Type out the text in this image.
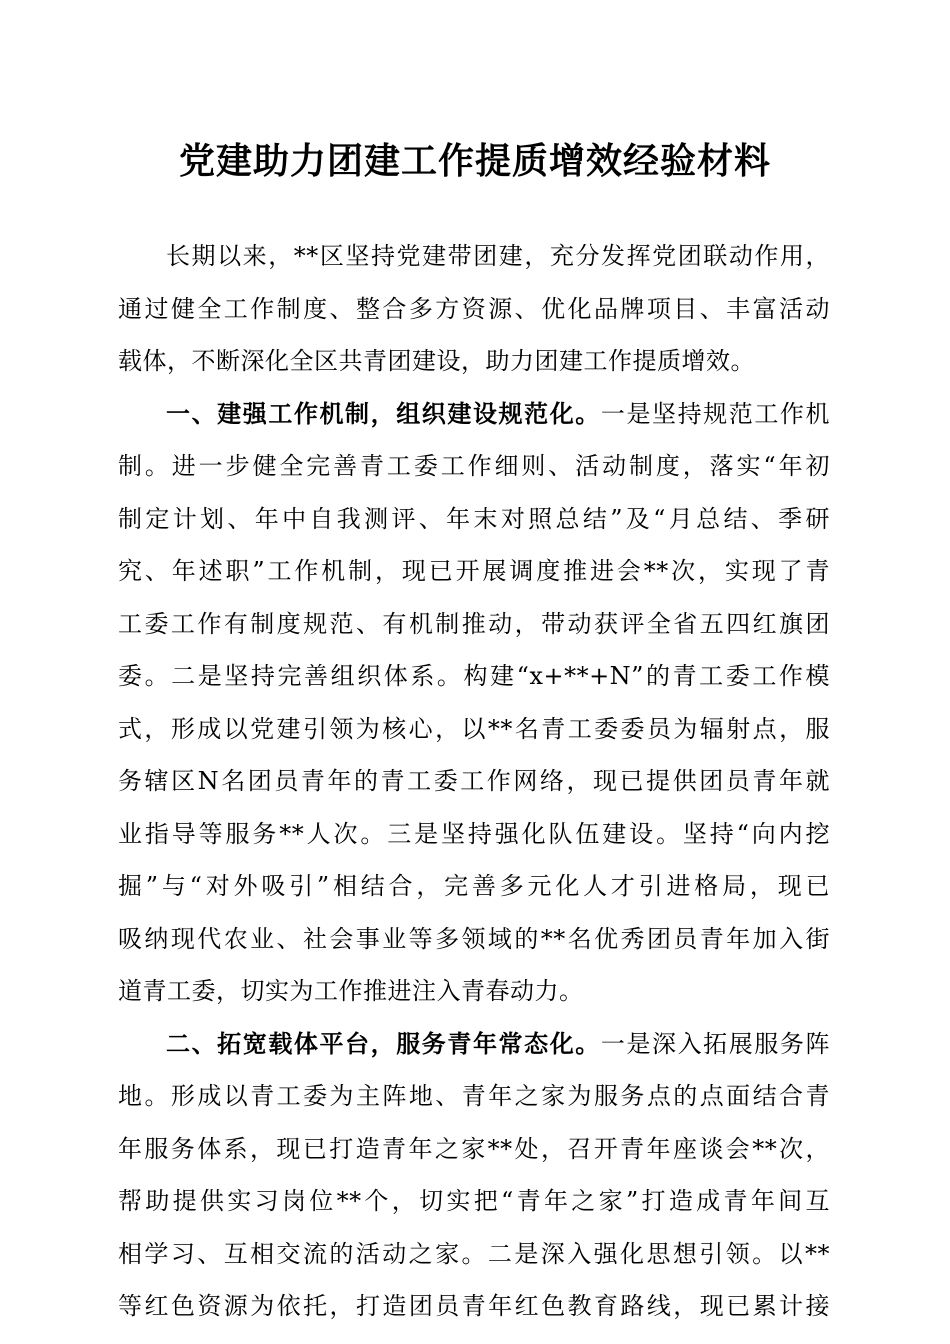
党建助力团建工作提质增效经验材料
长期以来，**区坚持党建带团建，充分发挥党团联动作用，
通过健全工作制度、整合多方资源、优化品牌项目、丰富活动
载体，不断深化全区共青团建设，助力团建工作提质增效。
一、建强工作机制，组织建设规范化。一是坚持规范工作机
制。进一步健全完善青工委工作细则、活动制度，落实“年初
制定计划、年中自我测评、年末对照总结”及“月总结、季研
究、年述职”工作机制，现已开展调度推进会**次，实现了青
工委工作有制度规范、有机制推动，带动获评全省五四红旗团
委。二是坚持完善组织体系。构建“x+**+N”的青工委工作模
式，形成以党建引领为核心，以**名青工委委员为辐射点，服
务辖区N名团员青年的青工委工作网络，现已提供团员青年就
业指导等服务**人次。三是坚持强化队伍建设。坚持“向内挖
掘”与“对外吸引”相结合，完善多元化人才引进格局，现已
吸纳现代农业、社会事业等多领域的**名优秀团员青年加入街
道青工委，切实为工作推进注入青春动力。
二、拓宽载体平台，服务青年常态化。一是深入拓展服务阵
地。形成以青工委为主阵地、青年之家为服务点的点面结合青
年服务体系，现已打造青年之家**处，召开青年座谈会**次，
帮助提供实习岗位**个，切实把“青年之家”打造成青年间互
相学习、互相交流的活动之家。二是深入强化思想引领。以**
等红色资源为依托，打造团员青年红色教育路线，现已累计接
